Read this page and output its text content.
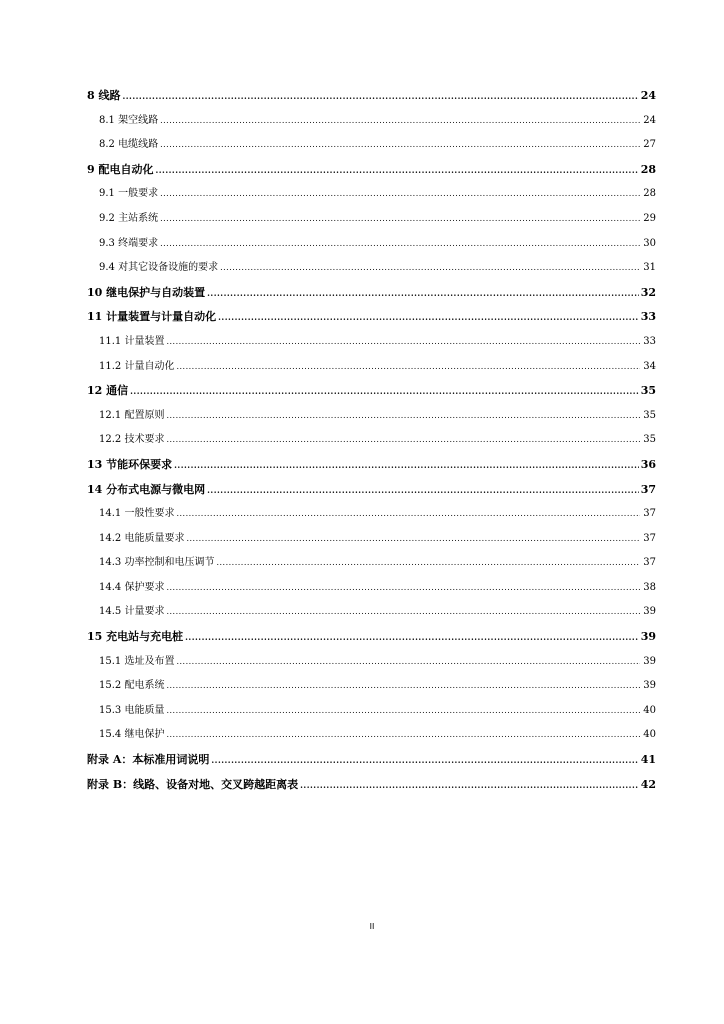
8 线路 .....	24
8.1 架空线路 .....	24
8.2 电缆线路 .....	27
9 配电自动化 .....	28
9.1 一般要求 .....	28
9.2 主站系统 .....	29
9.3 终端要求 .....	30
9.4 对其它设备设施的要求 .....	31
10 继电保护与自动装置 .....	32
11 计量装置与计量自动化 .....	33
11.1 计量装置 .....	33
11.2 计量自动化 .....	34
12 通信 .....	35
12.1 配置原则 .....	35
12.2 技术要求 .....	35
13 节能环保要求 .....	36
14 分布式电源与微电网 .....	37
14.1 一般性要求 .....	37
14.2 电能质量要求 .....	37
14.3 功率控制和电压调节 .....	37
14.4 保护要求 .....	38
14.5 计量要求 .....	39
15 充电站与充电桩 .....	39
15.1 选址及布置 .....	39
15.2 配电系统 .....	39
15.3 电能质量 .....	40
15.4 继电保护 .....	40
附录 A：本标准用词说明 .....	41
附录 B：线路、设备对地、交叉跨越距离表 .....	42
II
